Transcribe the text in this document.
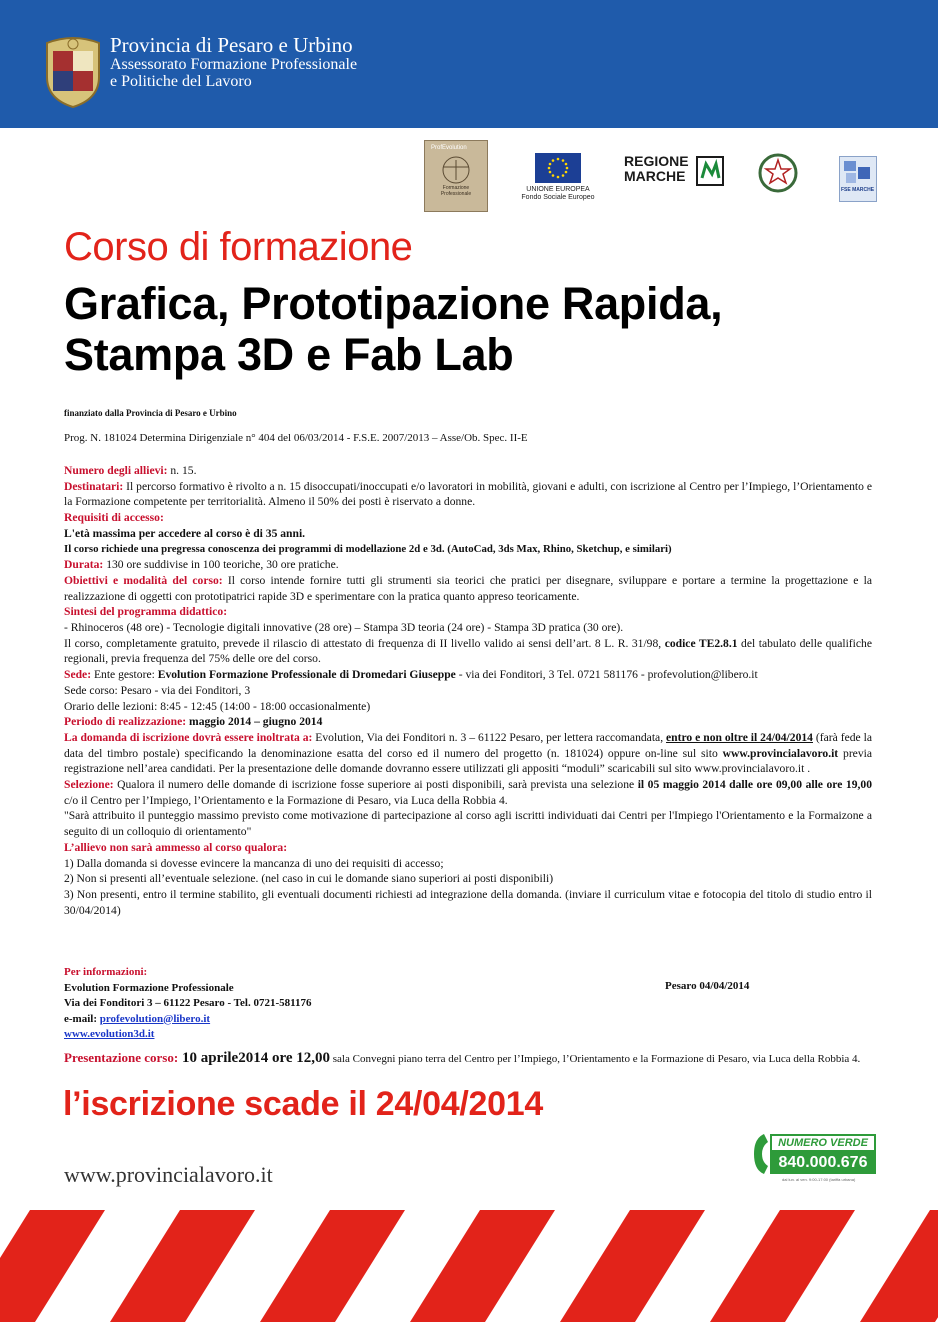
Provincia di Pesaro e Urbino
Assessorato Formazione Professionale
e Politiche del Lavoro
ProfEvolution
Formazione Professionale
UNIONE EUROPEA
Fondo Sociale Europeo
REGIONE
MARCHE
FSE MARCHE
Corso di formazione
Grafica, Prototipazione Rapida,
Stampa 3D e Fab Lab
finanziato dalla Provincia di Pesaro e Urbino
Prog. N. 181024 Determina Dirigenziale n° 404 del 06/03/2014 - F.S.E. 2007/2013 – Asse/Ob. Spec. II-E

Numero degli allievi: n. 15.

Destinatari: Il percorso formativo è rivolto a n. 15 disoccupati/inoccupati e/o lavoratori in mobilità, giovani e adulti, con iscrizione al Centro per l’Impiego, l’Orientamento e la Formazione competente per territorialità. Almeno il 50% dei posti è riservato a donne.

Requisiti di accesso:

L'età massima per accedere al corso è di 35 anni.

Il corso richiede una pregressa conoscenza dei programmi di modellazione 2d e 3d. (AutoCad, 3ds Max, Rhino, Sketchup, e similari)

Durata: 130 ore suddivise in 100 teoriche, 30 ore pratiche.

Obiettivi e modalità del corso: Il corso intende fornire tutti gli strumenti sia teorici che pratici per disegnare, sviluppare e portare a termine la progettazione e la realizzazione di oggetti con prototipatrici rapide 3D e sperimentare con la pratica quanto appreso teoricamente.

Sintesi del programma didattico:

- Rhinoceros (48 ore) - Tecnologie digitali innovative (28 ore) – Stampa 3D teoria (24 ore) - Stampa 3D pratica (30 ore).

Il corso, completamente gratuito, prevede il rilascio di attestato di frequenza di II livello valido ai sensi dell’art. 8 L. R. 31/98, codice TE2.8.1 del tabulato delle qualifiche regionali, previa frequenza del 75% delle ore del corso.

Sede: Ente gestore: Evolution Formazione Professionale di Dromedari Giuseppe - via dei Fonditori, 3 Tel. 0721 581176 - profevolution@libero.it

Sede corso: Pesaro - via dei Fonditori, 3

Orario delle lezioni: 8:45 - 12:45 (14:00 - 18:00 occasionalmente)

Periodo di realizzazione: maggio 2014 – giugno 2014

La domanda di iscrizione dovrà essere inoltrata a: Evolution, Via dei Fonditori n. 3 – 61122 Pesaro, per lettera raccomandata, entro e non oltre il 24/04/2014 (farà fede la data del timbro postale) specificando la denominazione esatta del corso ed il numero del progetto (n. 181024) oppure on-line sul sito www.provincialavoro.it previa registrazione nell’area candidati. Per la presentazione delle domande dovranno essere utilizzati gli appositi “moduli” scaricabili sul sito www.provincialavoro.it .

Selezione: Qualora il numero delle domande di iscrizione fosse superiore ai posti disponibili, sarà prevista una selezione il 05 maggio 2014 dalle ore 09,00 alle ore 19,00 c/o il Centro per l’Impiego, l’Orientamento e la Formazione di Pesaro, via Luca della Robbia 4.

"Sarà attribuito il punteggio massimo previsto come motivazione di partecipazione al corso agli iscritti individuati dai Centri per l'Impiego l'Orientamento e la Formaizone a seguito di un colloquio di orientamento"

L’allievo non sarà ammesso al corso qualora:

1) Dalla domanda si dovesse evincere la mancanza di uno dei requisiti di accesso;

2) Non si presenti all’eventuale selezione. (nel caso in cui le domande siano superiori ai posti disponibili)

3) Non presenti, entro il termine stabilito, gli eventuali documenti richiesti ad integrazione della domanda. (inviare il curriculum vitae e fotocopia del titolo di studio entro il 30/04/2014)

Per informazioni:
Evolution Formazione Professionale
Via dei Fonditori 3 – 61122 Pesaro - Tel. 0721-581176
e-mail: profevolution@libero.it
www.evolution3d.it
Pesaro 04/04/2014
Presentazione corso: 10 aprile2014 ore 12,00 sala Convegni piano terra del Centro per l’Impiego, l’Orientamento e la Formazione di Pesaro, via Luca della Robbia 4.
l’iscrizione scade il 24/04/2014
NUMERO VERDE
840.000.676
dal lun. al ven. 9:00-17:00 (tariffa urbana)
www.provincialavoro.it
